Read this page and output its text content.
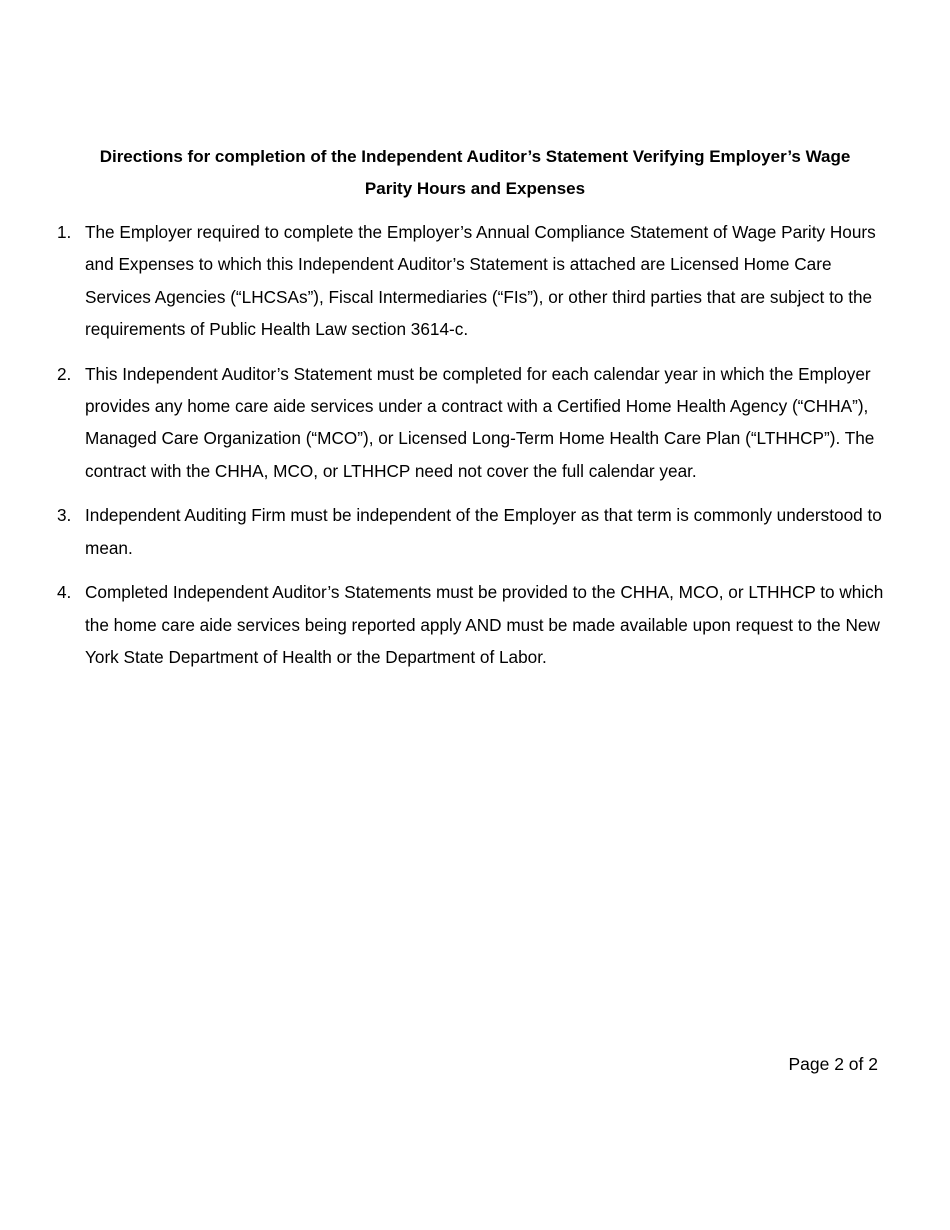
Directions for completion of the Independent Auditor’s Statement Verifying Employer’s Wage
Parity Hours and Expenses
1. The Employer required to complete the Employer’s Annual Compliance Statement of Wage Parity Hours and Expenses to which this Independent Auditor’s Statement is attached are Licensed Home Care Services Agencies (“LHCSAs”), Fiscal Intermediaries (“FIs”), or other third parties that are subject to the requirements of Public Health Law section 3614-c.
2. This Independent Auditor’s Statement must be completed for each calendar year in which the Employer provides any home care aide services under a contract with a Certified Home Health Agency (“CHHA”), Managed Care Organization (“MCO”), or Licensed Long-Term Home Health Care Plan (“LTHHCP”). The contract with the CHHA, MCO, or LTHHCP need not cover the full calendar year.
3. Independent Auditing Firm must be independent of the Employer as that term is commonly understood to mean.
4. Completed Independent Auditor’s Statements must be provided to the CHHA, MCO, or LTHHCP to which the home care aide services being reported apply AND must be made available upon request to the New York State Department of Health or the Department of Labor.
Page 2 of 2
